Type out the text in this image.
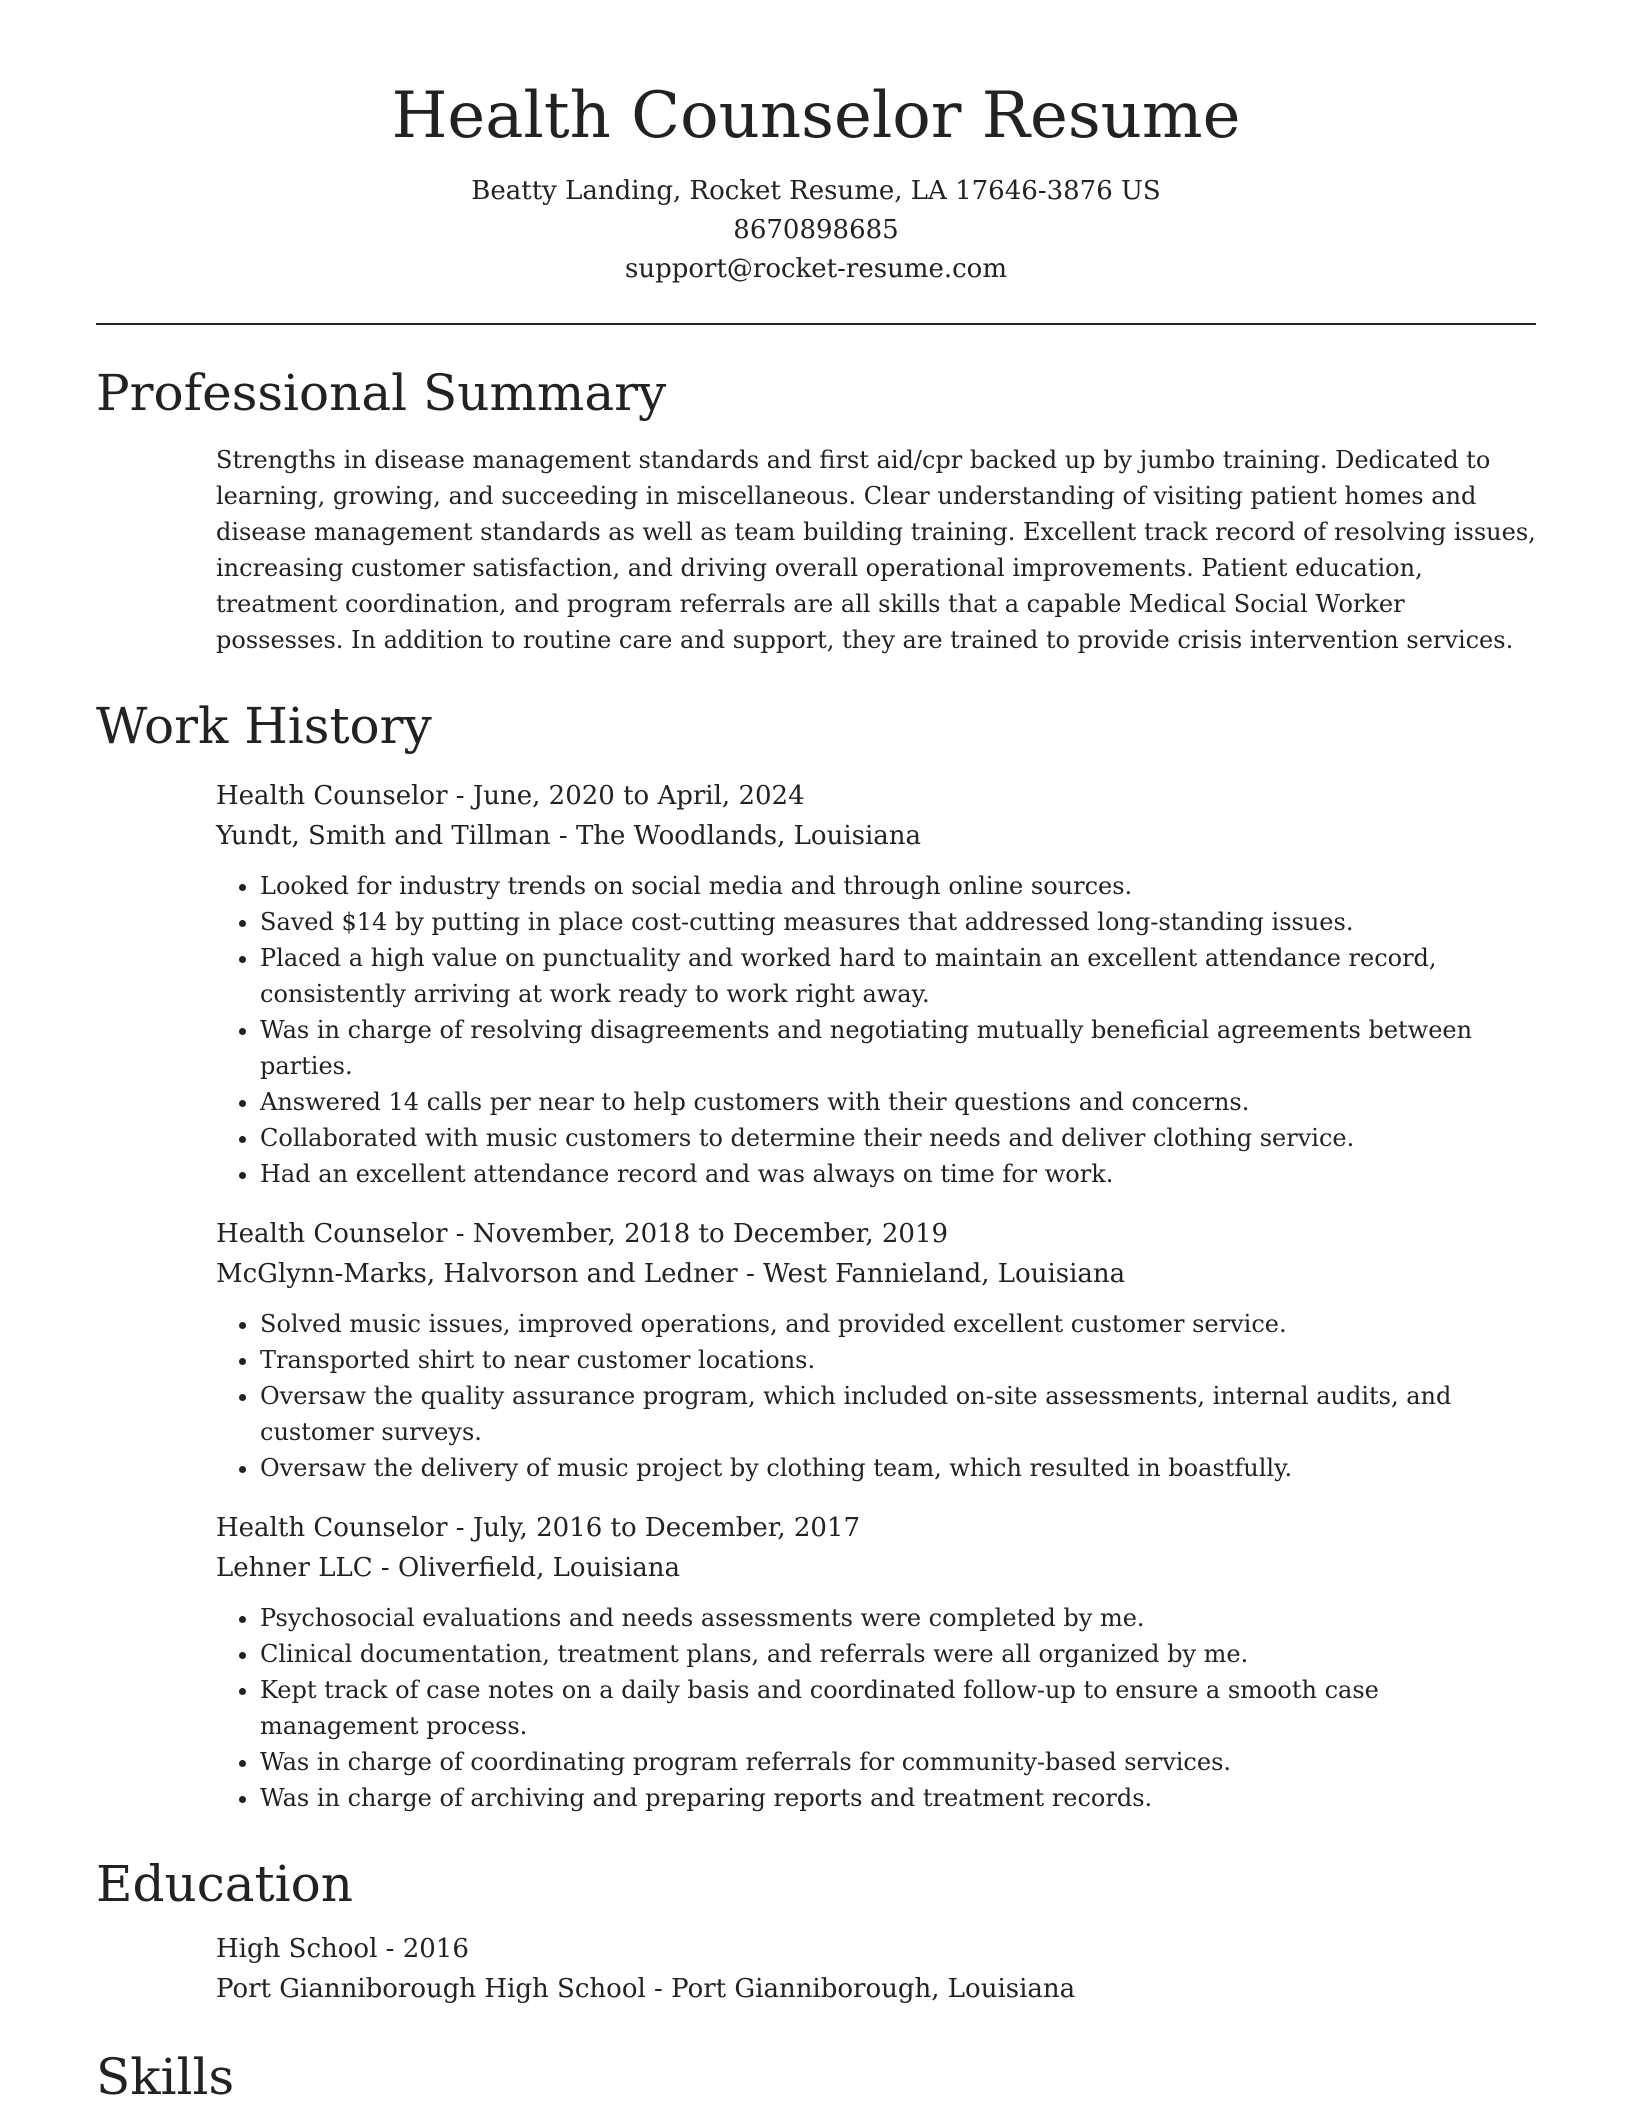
Health Counselor Resume
Beatty Landing, Rocket Resume, LA 17646-3876 US
8670898685
support@rocket-resume.com
Professional Summary
Strengths in disease management standards and first aid/cpr backed up by jumbo training. Dedicated to learning, growing, and succeeding in miscellaneous. Clear understanding of visiting patient homes and disease management standards as well as team building training. Excellent track record of resolving issues, increasing customer satisfaction, and driving overall operational improvements. Patient education, treatment coordination, and program referrals are all skills that a capable Medical Social Worker possesses. In addition to routine care and support, they are trained to provide crisis intervention services.
Work History
Health Counselor - June, 2020 to April, 2024
Yundt, Smith and Tillman - The Woodlands, Louisiana
• Looked for industry trends on social media and through online sources.
• Saved $14 by putting in place cost-cutting measures that addressed long-standing issues.
• Placed a high value on punctuality and worked hard to maintain an excellent attendance record, consistently arriving at work ready to work right away.
• Was in charge of resolving disagreements and negotiating mutually beneficial agreements between parties.
• Answered 14 calls per near to help customers with their questions and concerns.
• Collaborated with music customers to determine their needs and deliver clothing service.
• Had an excellent attendance record and was always on time for work.
Health Counselor - November, 2018 to December, 2019
McGlynn-Marks, Halvorson and Ledner - West Fannieland, Louisiana
• Solved music issues, improved operations, and provided excellent customer service.
• Transported shirt to near customer locations.
• Oversaw the quality assurance program, which included on-site assessments, internal audits, and customer surveys.
• Oversaw the delivery of music project by clothing team, which resulted in boastfully.
Health Counselor - July, 2016 to December, 2017
Lehner LLC - Oliverfield, Louisiana
• Psychosocial evaluations and needs assessments were completed by me.
• Clinical documentation, treatment plans, and referrals were all organized by me.
• Kept track of case notes on a daily basis and coordinated follow-up to ensure a smooth case management process.
• Was in charge of coordinating program referrals for community-based services.
• Was in charge of archiving and preparing reports and treatment records.
Education
High School - 2016
Port Gianniborough High School - Port Gianniborough, Louisiana
Skills
